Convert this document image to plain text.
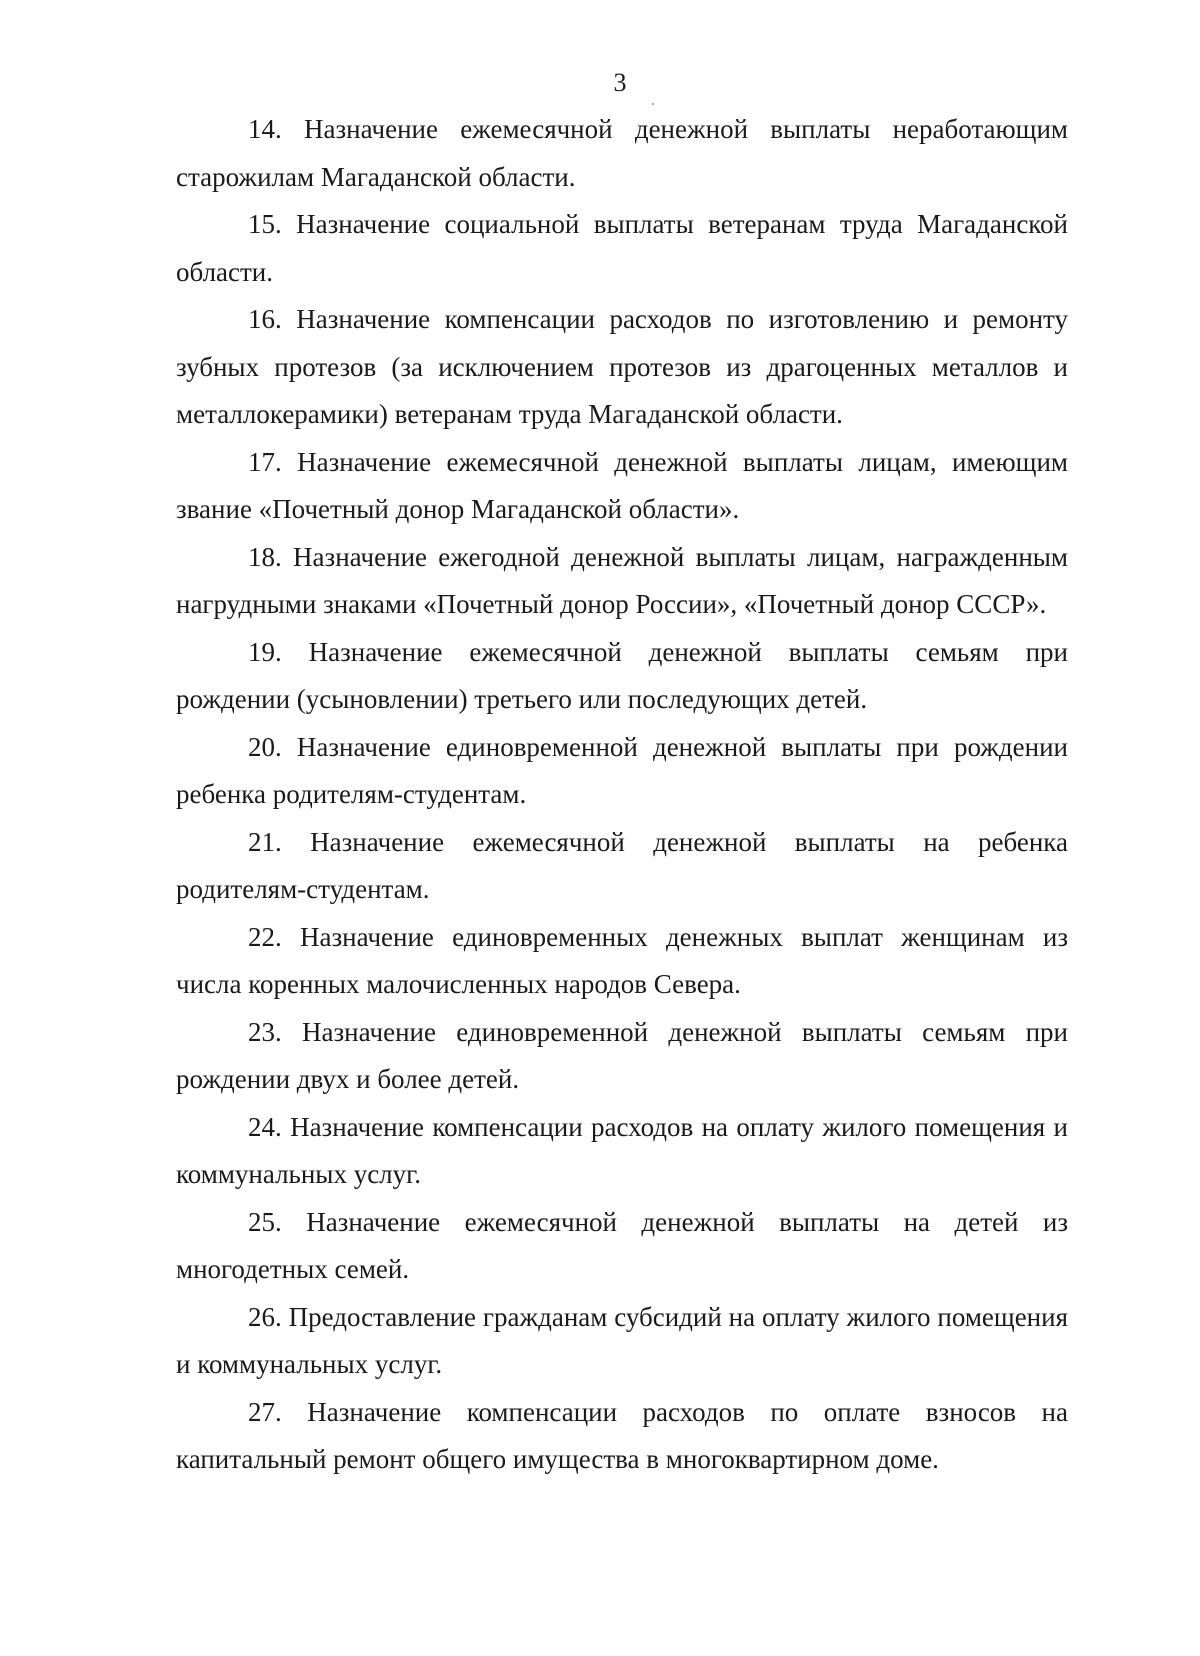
3

14. Назначение ежемесячной денежной выплаты неработающим старожилам Магаданской области.

15. Назначение социальной выплаты ветеранам труда Магаданской области.

16. Назначение компенсации расходов по изготовлению и ремонту зубных протезов (за исключением протезов из драгоценных металлов и металлокерамики) ветеранам труда Магаданской области.

17. Назначение ежемесячной денежной выплаты лицам, имеющим звание «Почетный донор Магаданской области».

18. Назначение ежегодной денежной выплаты лицам, награжденным нагрудными знаками «Почетный донор России», «Почетный донор СССР».

19. Назначение ежемесячной денежной выплаты семьям при рождении (усыновлении) третьего или последующих детей.

20. Назначение единовременной денежной выплаты при рождении ребенка родителям-студентам.

21. Назначение ежемесячной денежной выплаты на ребенка родителям-студентам.

22. Назначение единовременных денежных выплат женщинам из числа коренных малочисленных народов Севера.

23. Назначение единовременной денежной выплаты семьям при рождении двух и более детей.

24. Назначение компенсации расходов на оплату жилого помещения и коммунальных услуг.

25. Назначение ежемесячной денежной выплаты на детей из многодетных семей.

26. Предоставление гражданам субсидий на оплату жилого помещения и коммунальных услуг.

27. Назначение компенсации расходов по оплате взносов на капитальный ремонт общего имущества в многоквартирном доме.
